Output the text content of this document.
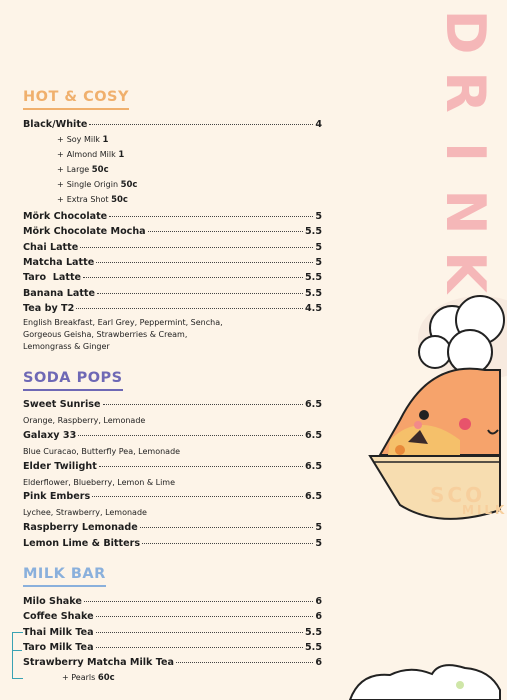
D
R
I
N
K
SCO
MILK
HOT & COSY
Black/White	4
+ Soy Milk 1
+ Almond Milk 1
+ Large 50c
+ Single Origin 50c
+ Extra Shot 50c
Mörk Chocolate	5
Mörk Chocolate Mocha	5.5
Chai Latte	5
Matcha Latte	5
Taro  Latte	5.5
Banana Latte	5.5
Tea by T2	4.5
English Breakfast, Earl Grey, Peppermint, Sencha,
Gorgeous Geisha, Strawberries & Cream,
Lemongrass & Ginger
SODA POPS
Sweet Sunrise	6.5
Orange, Raspberry, Lemonade
Galaxy 33	6.5
Blue Curacao, Butterfly Pea, Lemonade
Elder Twilight	6.5
Elderflower, Blueberry, Lemon & Lime
Pink Embers	6.5
Lychee, Strawberry, Lemonade
Raspberry Lemonade	5
Lemon Lime & Bitters	5
MILK BAR
Milo Shake	6
Coffee Shake	6
Thai Milk Tea	5.5
Taro Milk Tea	5.5
Strawberry Matcha Milk Tea	6
+ Pearls 60c
